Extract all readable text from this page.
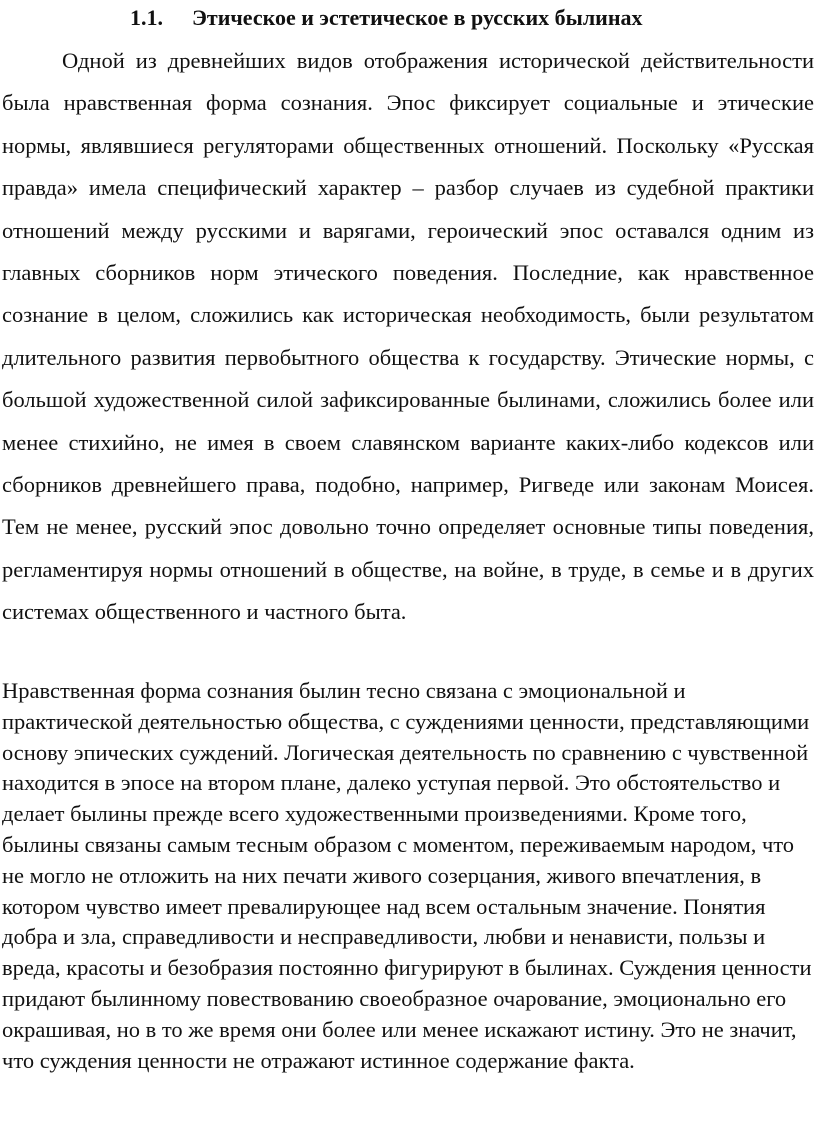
1.1. Этическое и эстетическое в русских былинах

Одной из древнейших видов отображения исторической действительности была нравственная форма сознания. Эпос фиксирует социальные и этические нормы, являвшиеся регуляторами общественных отношений. Поскольку «Русская правда» имела специфический характер – разбор случаев из судебной практики отношений между русскими и варягами, героический эпос оставался одним из главных сборников норм этического поведения. Последние, как нравственное сознание в целом, сложились как историческая необходимость, были результатом длительного развития первобытного общества к государству. Этические нормы, с большой художественной силой зафиксированные былинами, сложились более или менее стихийно, не имея в своем славянском варианте каких-либо кодексов или сборников древнейшего права, подобно, например, Ригведе или законам Моисея. Тем не менее, русский эпос довольно точно определяет основные типы поведения, регламентируя нормы отношений в обществе, на войне, в труде, в семье и в других системах общественного и частного быта.

Нравственная форма сознания былин тесно связана с эмоциональной и практической деятельностью общества, с суждениями ценности, представляющими основу эпических суждений. Логическая деятельность по сравнению с чувственной находится в эпосе на втором плане, далеко уступая первой. Это обстоятельство и делает былины прежде всего художественными произведениями. Кроме того, былины связаны самым тесным образом с моментом, переживаемым народом, что не могло не отложить на них печати живого созерцания, живого впечатления, в котором чувство имеет превалирующее над всем остальным значение. Понятия добра и зла, справедливости и несправедливости, любви и ненависти, пользы и вреда, красоты и безобразия постоянно фигурируют в былинах. Суждения ценности придают былинному повествованию своеобразное очарование, эмоционально его окрашивая, но в то же время они более или менее искажают истину. Это не значит, что суждения ценности не отражают истинное содержание факта.
